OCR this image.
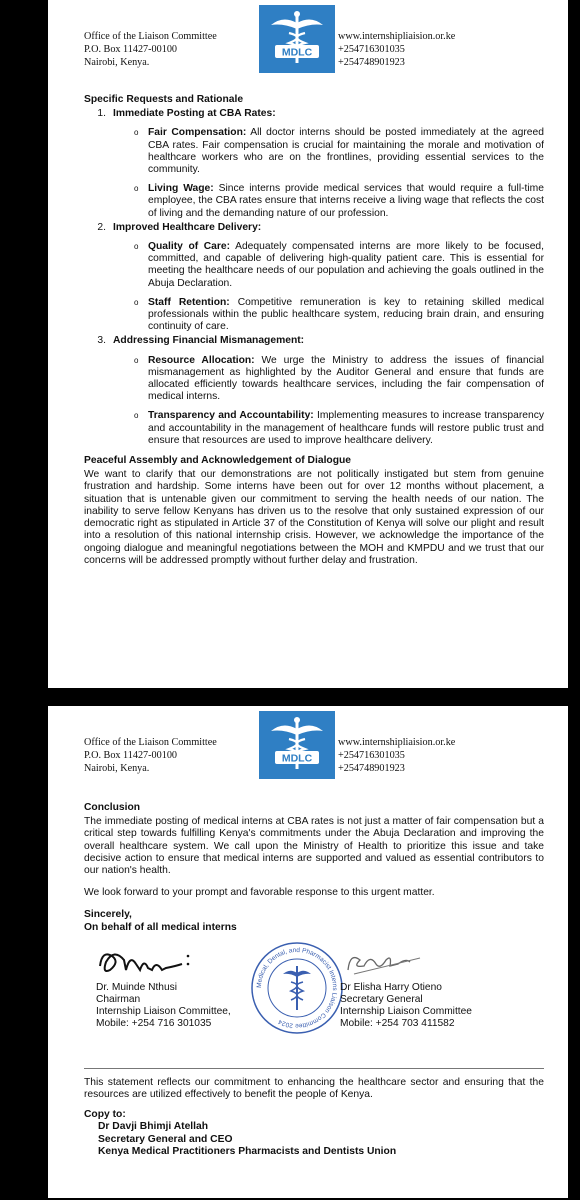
Office of the Liaison Committee
P.O. Box 11427-00100
Nairobi, Kenya.
MDLC
www.internshipliaision.or.ke
+254716301035
+254748901923
Specific Requests and Rationale
1. Immediate Posting at CBA Rates:
o Fair Compensation: All doctor interns should be posted immediately at the agreed CBA rates. Fair compensation is crucial for maintaining the morale and motivation of healthcare workers who are on the frontlines, providing essential services to the community.
o Living Wage: Since interns provide medical services that would require a full-time employee, the CBA rates ensure that interns receive a living wage that reflects the cost of living and the demanding nature of our profession.
2. Improved Healthcare Delivery:
o Quality of Care: Adequately compensated interns are more likely to be focused, committed, and capable of delivering high-quality patient care. This is essential for meeting the healthcare needs of our population and achieving the goals outlined in the Abuja Declaration.
o Staff Retention: Competitive remuneration is key to retaining skilled medical professionals within the public healthcare system, reducing brain drain, and ensuring continuity of care.
3. Addressing Financial Mismanagement:
o Resource Allocation: We urge the Ministry to address the issues of financial mismanagement as highlighted by the Auditor General and ensure that funds are allocated efficiently towards healthcare services, including the fair compensation of medical interns.
o Transparency and Accountability: Implementing measures to increase transparency and accountability in the management of healthcare funds will restore public trust and ensure that resources are used to improve healthcare delivery.
Peaceful Assembly and Acknowledgement of Dialogue

We want to clarify that our demonstrations are not politically instigated but stem from genuine frustration and hardship. Some interns have been out for over 12 months without placement, a situation that is untenable given our commitment to serving the health needs of our nation. The inability to serve fellow Kenyans has driven us to the resolve that only sustained expression of our democratic right as stipulated in Article 37 of the Constitution of Kenya will solve our plight and result into a resolution of this national internship crisis. However, we acknowledge the importance of the ongoing dialogue and meaningful negotiations between the MOH and KMPDU and we trust that our concerns will be addressed promptly without further delay and frustration.

Office of the Liaison Committee
P.O. Box 11427-00100
Nairobi, Kenya.
MDLC
www.internshipliaision.or.ke
+254716301035
+254748901923
Conclusion

The immediate posting of medical interns at CBA rates is not just a matter of fair compensation but a critical step towards fulfilling Kenya's commitments under the Abuja Declaration and improving the overall healthcare system. We call upon the Ministry of Health to prioritize this issue and take decisive action to ensure that medical interns are supported and valued as essential contributors to our nation's health.

We look forward to your prompt and favorable response to this urgent matter.

Sincerely,
On behalf of all medical interns
Dr. Muinde Nthusi
Chairman
Internship Liaison Committee,
Mobile: +254 716 301035
Medical, Dental, and Pharmacist Interns Liaison Committee 2024
Dr Elisha Harry Otieno
Secretary General
Internship Liaison Committee
Mobile: +254 703 411582

This statement reflects our commitment to enhancing the healthcare sector and ensuring that the resources are utilized effectively to benefit the people of Kenya.

Copy to:
Dr Davji Bhimji Atellah
Secretary General and CEO
Kenya Medical Practitioners Pharmacists and Dentists Union
